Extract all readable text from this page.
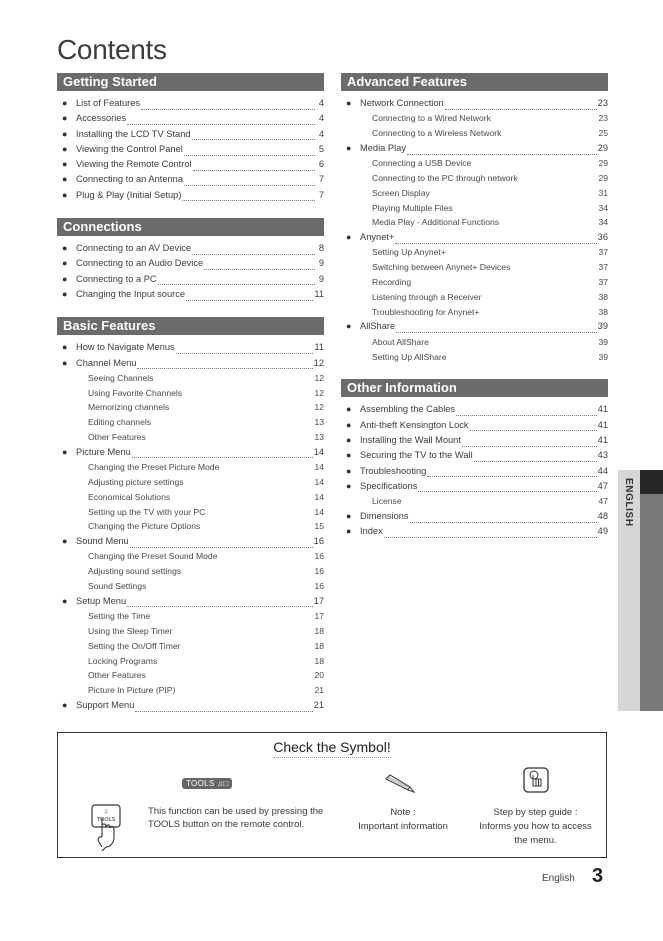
Contents
Getting Started
● List of Features	4
● Accessories	4
● Installing the LCD TV Stand	4
● Viewing the Control Panel	5
● Viewing the Remote Control	6
● Connecting to an Antenna	7
● Plug & Play (Initial Setup)	7
Connections
● Connecting to an AV Device	8
● Connecting to an Audio Device	9
● Connecting to a PC	9
● Changing the Input source	11
Basic Features
● How to Navigate Menus	11
● Channel Menu	12
Seeing Channels	12
Using Favorite Channels	12
Memorizing channels	12
Editing channels	13
Other Features	13
● Picture Menu	14
Changing the Preset Picture Mode	14
Adjusting picture settings	14
Economical Solutions	14
Setting up the TV with your PC	14
Changing the Picture Options	15
● Sound Menu	16
Changing the Preset Sound Mode	16
Adjusting sound settings	16
Sound Settings	16
● Setup Menu	17
Setting the Time	17
Using the Sleep Timer	18
Setting the On/Off Timer	18
Locking Programs	18
Other Features	20
Picture In Picture (PIP)	21
● Support Menu	21
Advanced Features
● Network Connection	23
Connecting to a Wired Network	23
Connecting to a Wireless Network	25
● Media Play	29
Connecting a USB Device	29
Connecting to the PC through network	29
Screen Display	31
Playing Multiple Files	34
Media Play - Additional Functions	34
● Anynet+	36
Setting Up Anynet+	37
Switching between Anynet+ Devices	37
Recording	37
Listening through a Receiver	38
Troubleshooting for Anynet+	38
● AllShare	39
About AllShare	39
Setting Up AllShare	39
Other Information
● Assembling the Cables	41
● Anti-theft Kensington Lock	41
● Installing the Wall Mount	41
● Securing the TV to the Wall	43
● Troubleshooting	44
● Specifications	47
License	47
● Dimensions	48
● Index	49
ENGLISH
Check the Symbol!
TOOLS ♫□
♫
TOOLS
This function can be used by pressing the
TOOLS button on the remote control.
Note :
Important information
Step by step guide :
Informs you how to access
the menu.
English 3
